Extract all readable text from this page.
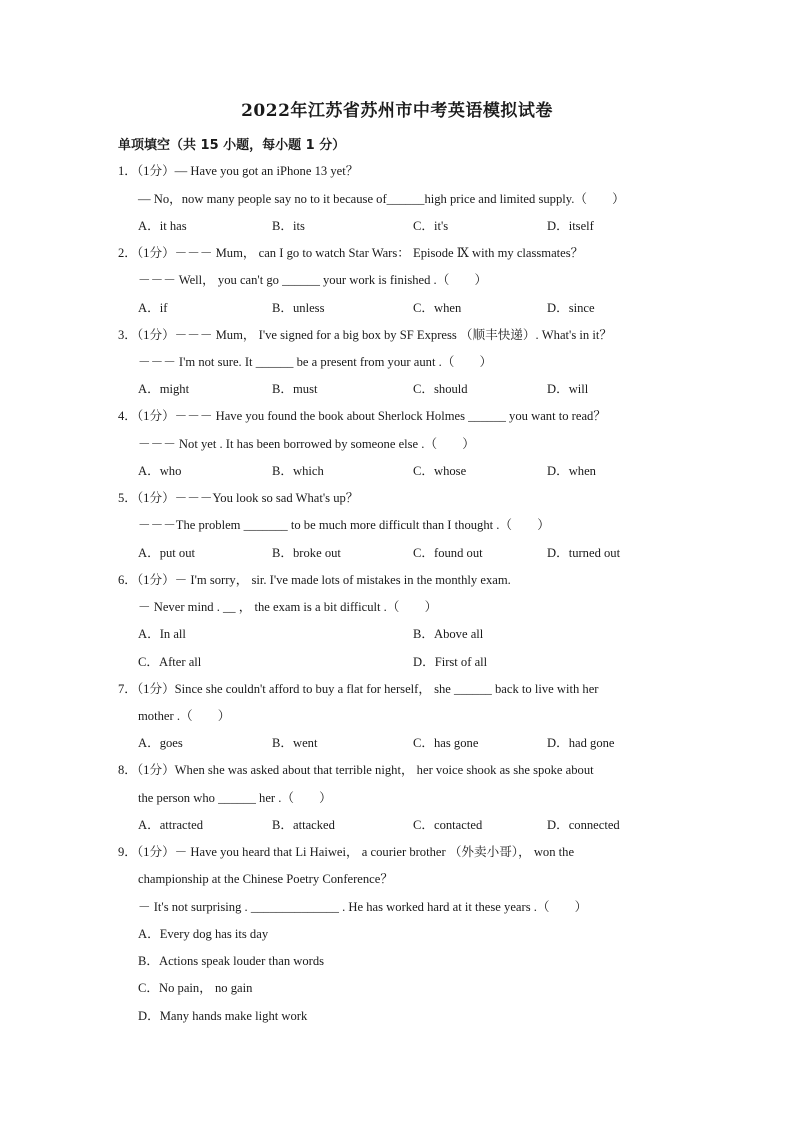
2022年江苏省苏州市中考英语模拟试卷
单项填空（共 15 小题，每小题 1 分）
1．（1分）— Have you got an iPhone 13 yet？
— No，now many people say no to it because of______high price and limited supply.（　　）
A．it has	B．its	C．it's	D．itself
2．（1分）－－－ Mum， can I go to watch Star Wars： Episode Ⅸ with my classmates？
－－－ Well， you can't go ______ your work is finished .（　　）
A．if	B．unless	C．when	D．since
3．（1分）－－－ Mum， I've signed for a big box by SF Express （顺丰快递）. What's in it？
－－－ I'm not sure. It ______ be a present from your aunt .（　　）
A．might	B．must	C．should	D．will
4．（1分）－－－ Have you found the book about Sherlock Holmes ______ you want to read？
－－－ Not yet . It has been borrowed by someone else .（　　）
A．who	B．which	C．whose	D．when
5．（1分）－－－You look so sad What's up？
－－－The problem _______ to be much more difficult than I thought .（　　）
A．put out	B．broke out	C．found out	D．turned out
6．（1分）－ I'm sorry， sir. I've made lots of mistakes in the monthly exam.
－ Never mind . __ ， the exam is a bit difficult .（　　）
A．In all	B．Above all
C．After all	D．First of all
7．（1分）Since she couldn't afford to buy a flat for herself， she ______ back to live with her
mother .（　　）
A．goes	B．went	C．has gone	D．had gone
8．（1分）When she was asked about that terrible night， her voice shook as she spoke about
the person who ______ her .（　　）
A．attracted	B．attacked	C．contacted	D．connected
9．（1分）－ Have you heard that Li Haiwei， a courier brother （外卖小哥）， won the
championship at the Chinese Poetry Conference？
－ It's not surprising . ______________ . He has worked hard at it these years .（　　）
A．Every dog has its day
B．Actions speak louder than words
C．No pain， no gain
D．Many hands make light work
